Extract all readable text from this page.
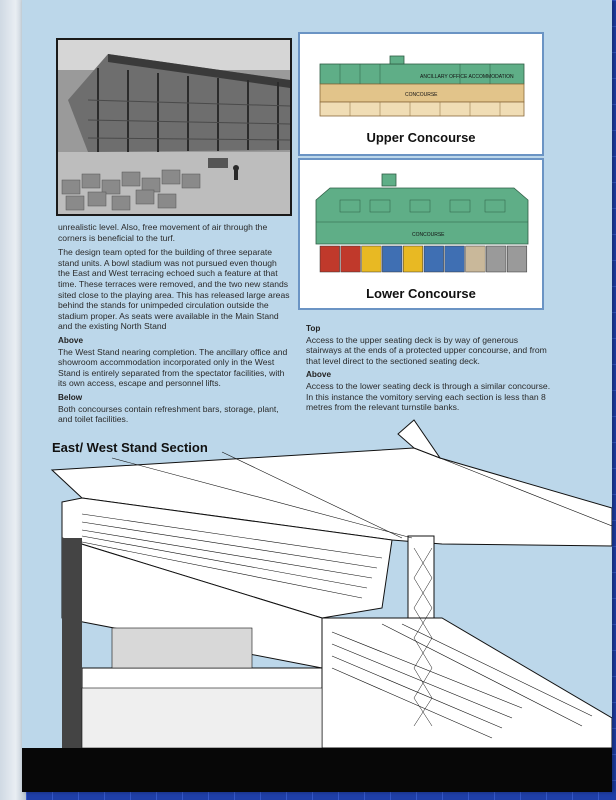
ANCILLARY OFFICE ACCOMMODATION
CONCOURSE
Upper Concourse
CONCOURSE
Lower Concourse

unrealistic level. Also, free movement of air through the corners is beneficial to the turf.

The design team opted for the building of three separate stand units. A bowl stadium was not pursued even though the East and West terracing echoed such a feature at that time. These terraces were removed, and the two new stands sited close to the playing area. This has released large areas behind the stands for unimpeded circulation outside the stadium proper. As seats were available in the Main Stand and the existing North Stand

Above

The West Stand nearing completion. The ancillary office and showroom accommodation incorporated only in the West Stand is entirely separated from the spectator facilities, with its own access, escape and personnel lifts.

Below

Both concourses contain refreshment bars, storage, plant, and toilet facilities.

Top

Access to the upper seating deck is by way of generous stairways at the ends of a protected upper concourse, and from that level direct to the sectioned seating deck.

Above

Access to the lower seating deck is through a similar concourse. In this instance the vomitory serving each section is less than 8 metres from the relevant turnstile banks.

East/ West Stand Section
